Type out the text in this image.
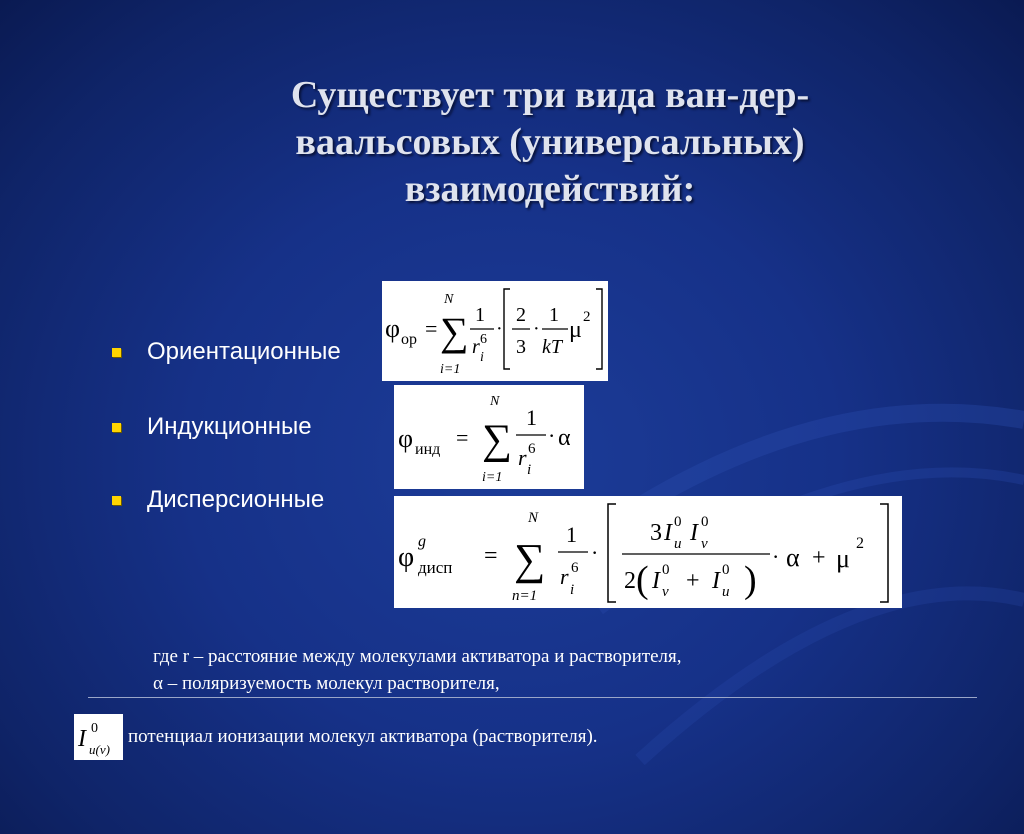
Существует три вида ван-дер-
ваальсовых (универсальных)
взаимодействий:
Ориентационные
Индукционные
Дисперсионные
φ ор =
N
∑
i=1
1
r 6
i
·
2
3
·
1
kT
μ 2
φ инд =
N
∑
i=1
1
r 6
i
· α
φ
g
дисп =
N
∑
n=1
1
r 6
i
·
3 I 0
u I 0
v
2 ( I 0
v + I 0
u )
· α + μ
2
где r – расстояние между молекулами активатора и растворителя,
α – поляризуемость молекул растворителя,
I 0
u(v)
потенциал ионизации молекул активатора (растворителя).
